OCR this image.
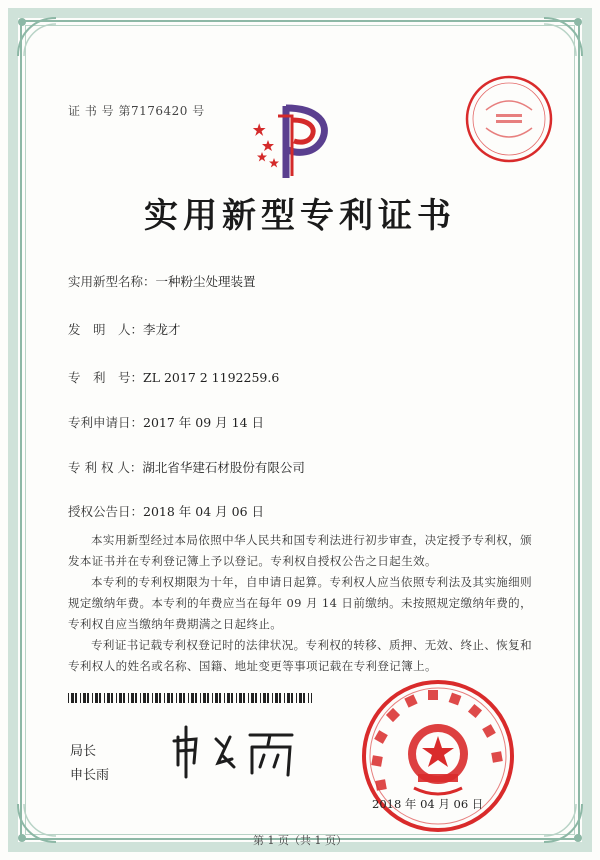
证 书 号 第7176420 号
实用新型专利证书
实用新型名称：一种粉尘处理装置
发　明　人：李龙才
专　利　号：ZL 2017 2 1192259.6
专利申请日：2017 年 09 月 14 日
专 利 权 人：湖北省华建石材股份有限公司
授权公告日：2018 年 04 月 06 日

本实用新型经过本局依照中华人民共和国专利法进行初步审查，决定授予专利权，颁发本证书并在专利登记簿上予以登记。专利权自授权公告之日起生效。

本专利的专利权期限为十年，自申请日起算。专利权人应当依照专利法及其实施细则规定缴纳年费。本专利的年费应当在每年 09 月 14 日前缴纳。未按照规定缴纳年费的，专利权自应当缴纳年费期满之日起终止。

专利证书记载专利权登记时的法律状况。专利权的转移、质押、无效、终止、恢复和专利权人的姓名或名称、国籍、地址变更等事项记载在专利登记簿上。

局长
申长雨
2018 年 04 月 06 日
第 1 页（共 1 页）
